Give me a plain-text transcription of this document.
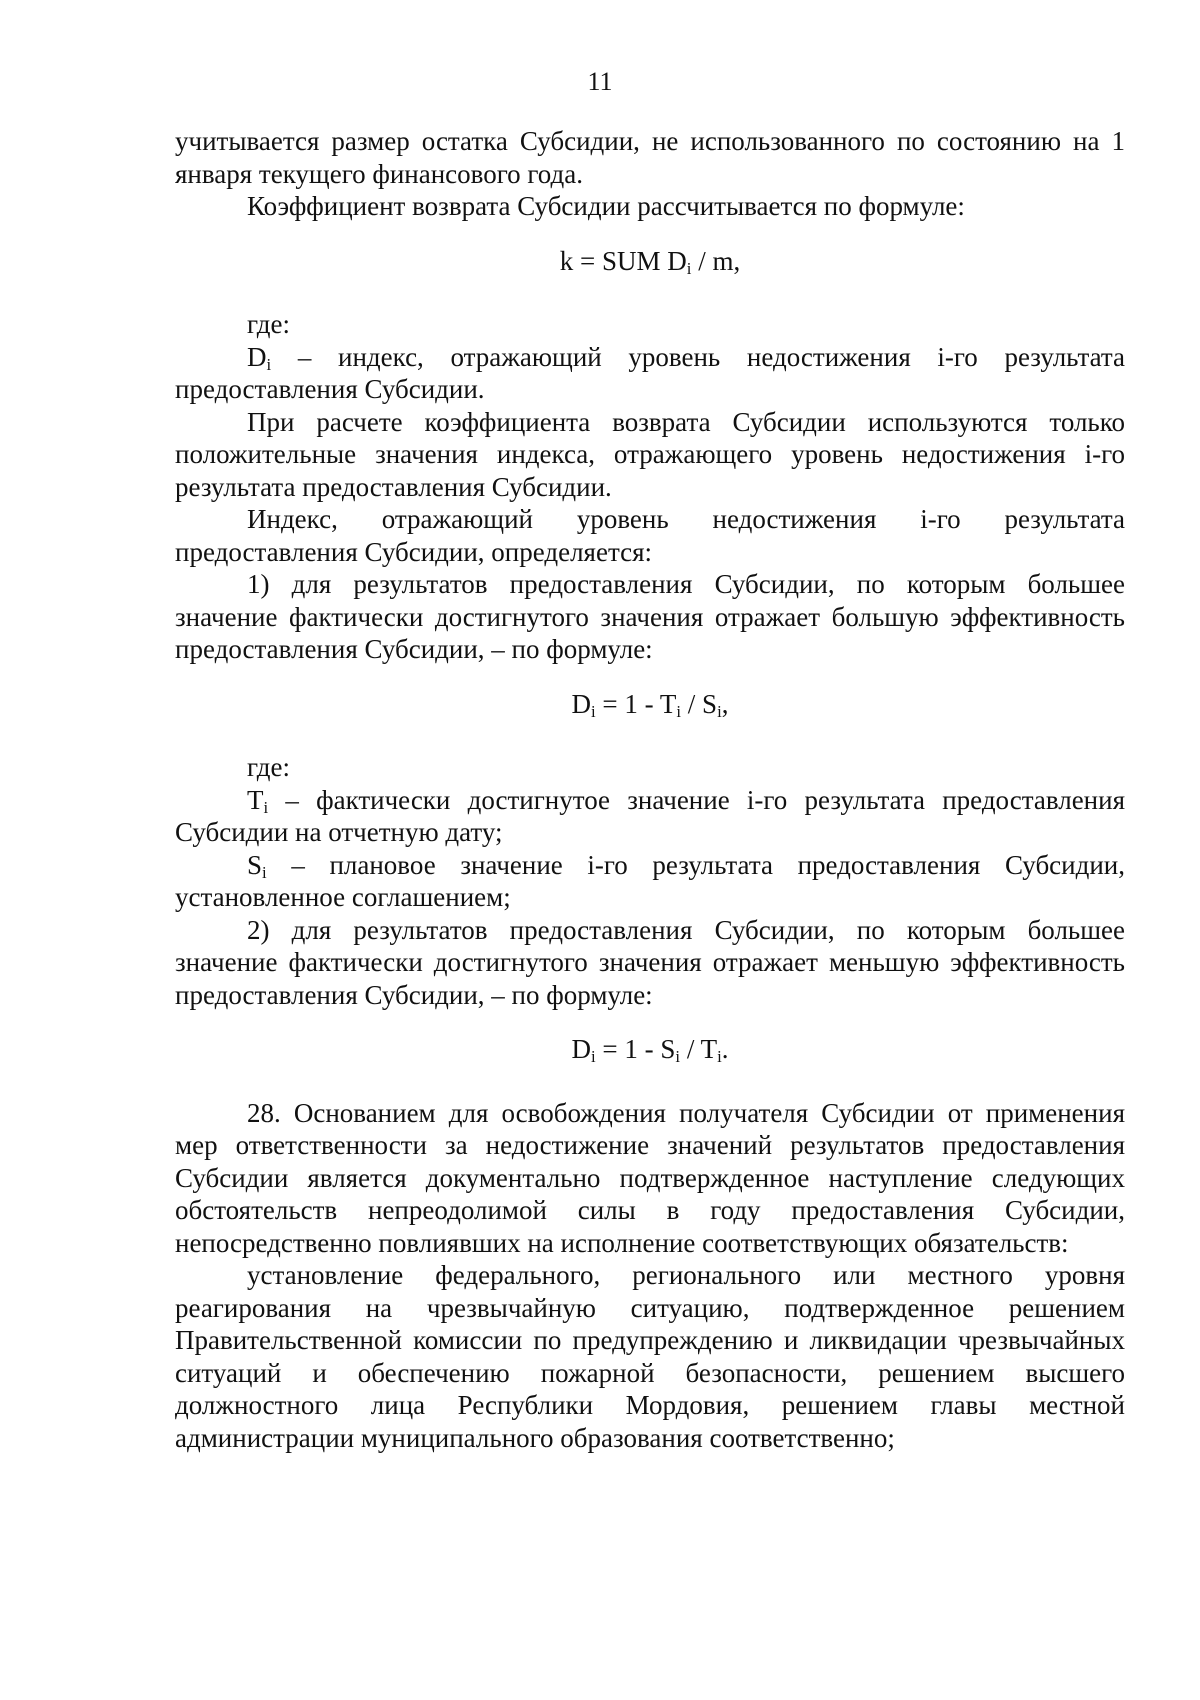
11

учитывается размер остатка Субсидии, не использованного по состоянию на 1 января текущего финансового года.

Коэффициент возврата Субсидии рассчитывается по формуле:

k = SUM $D_i$ / m,

где:

$D_i$ – индекс, отражающий уровень недостижения i-го результата предоставления Субсидии.

При расчете коэффициента возврата Субсидии используются только положительные значения индекса, отражающего уровень недостижения i-го результата предоставления Субсидии.

Индекс, отражающий уровень недостижения i-го результата предоставления Субсидии, определяется:

1) для результатов предоставления Субсидии, по которым большее значение фактически достигнутого значения отражает большую эффективность предоставления Субсидии, – по формуле:

$D_i = 1 - T_i / S_i$,

где:

$T_i$ – фактически достигнутое значение i-го результата предоставления Субсидии на отчетную дату;

$S_i$ – плановое значение i-го результата предоставления Субсидии, установленное соглашением;

2) для результатов предоставления Субсидии, по которым большее значение фактически достигнутого значения отражает меньшую эффективность предоставления Субсидии, – по формуле:

$D_i = 1 - S_i / T_i$.

28. Основанием для освобождения получателя Субсидии от применения мер ответственности за недостижение значений результатов предоставления Субсидии является документально подтвержденное наступление следующих обстоятельств непреодолимой силы в году предоставления Субсидии, непосредственно повлиявших на исполнение соответствующих обязательств:

установление федерального, регионального или местного уровня реагирования на чрезвычайную ситуацию, подтвержденное решением Правительственной комиссии по предупреждению и ликвидации чрезвычайных ситуаций и обеспечению пожарной безопасности, решением высшего должностного лица Республики Мордовия, решением главы местной администрации муниципального образования соответственно;
